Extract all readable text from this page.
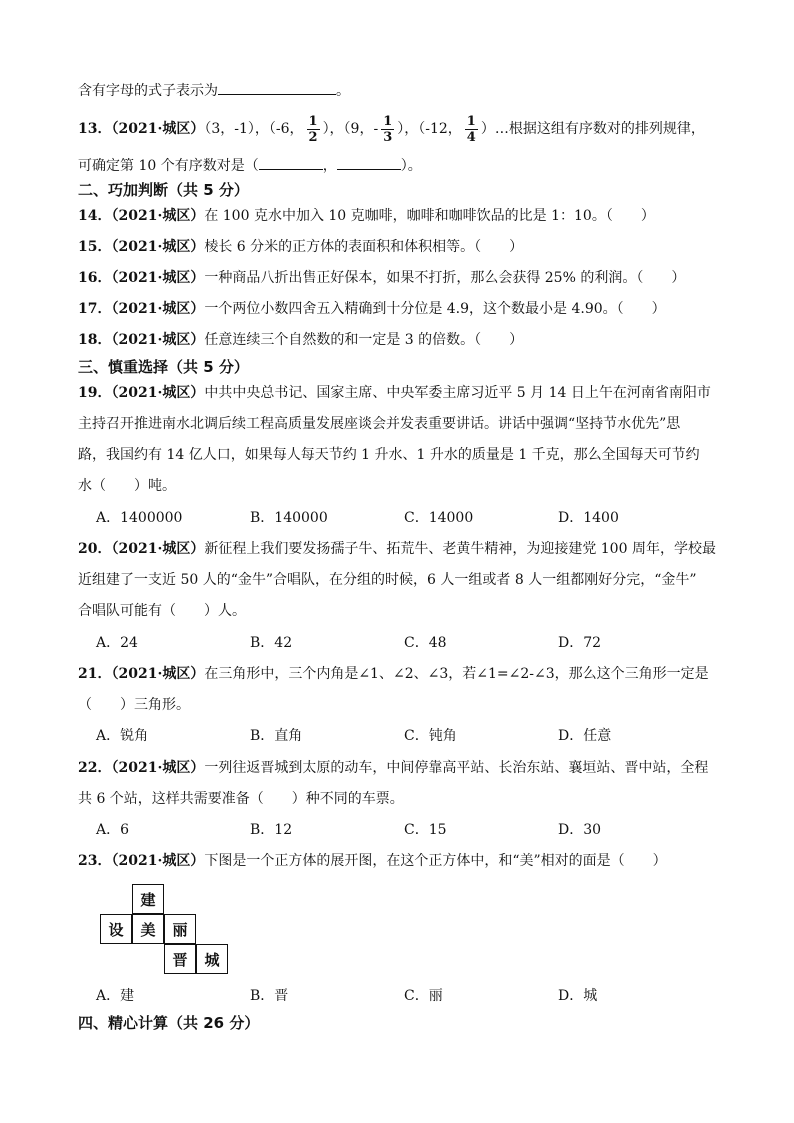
含有字母的式子表示为	。
13．（2021·城区）（3，-1），（-6， $\frac{1}{2}$ ），（9，- $\frac{1}{3}$ ），（-12， $\frac{1}{4}$ ）…根据这组有序数对的排列规律，
可确定第 10 个有序数对是（	，	）。
二、巧加判断（共 5 分）
14．（2021·城区）在 100 克水中加入 10 克咖啡，咖啡和咖啡饮品的比是 1：10。（　　）
15．（2021·城区）棱长 6 分米的正方体的表面积和体积相等。（　　）
16．（2021·城区）一种商品八折出售正好保本，如果不打折，那么会获得 25% 的利润。（　　）
17．（2021·城区）一个两位小数四舍五入精确到十分位是 4.9，这个数最小是 4.90。（　　）
18．（2021·城区）任意连续三个自然数的和一定是 3 的倍数。（　　）
三、慎重选择（共 5 分）
19．（2021·城区）中共中央总书记、国家主席、中央军委主席习近平 5 月 14 日上午在河南省南阳市
主持召开推进南水北调后续工程高质量发展座谈会并发表重要讲话。讲话中强调“坚持节水优先”思
路，我国约有 14 亿人口，如果每人每天节约 1 升水、1 升水的质量是 1 千克，那么全国每天可节约
水（　　）吨。
A．1400000	B．140000	C．14000	D．1400
20．（2021·城区）新征程上我们要发扬孺子牛、拓荒牛、老黄牛精神，为迎接建党 100 周年，学校最
近组建了一支近 50 人的“金牛”合唱队，在分组的时候，6 人一组或者 8 人一组都刚好分完，“金牛”
合唱队可能有（　　）人。
A．24	B．42	C．48	D．72
21．（2021·城区）在三角形中，三个内角是∠1、∠2、∠3，若∠1=∠2-∠3，那么这个三角形一定是
（　　）三角形。
A．锐角	B．直角	C．钝角	D．任意
22．（2021·城区）一列往返晋城到太原的动车，中间停靠高平站、长治东站、襄垣站、晋中站，全程
共 6 个站，这样共需要准备（　　）种不同的车票。
A．6	B．12	C．15	D．30
23．（2021·城区）下图是一个正方体的展开图，在这个正方体中，和“美”相对的面是（　　）
建
设	美	丽
晋	城
A．建	B．晋	C．丽	D．城
四、精心计算（共 26 分）
